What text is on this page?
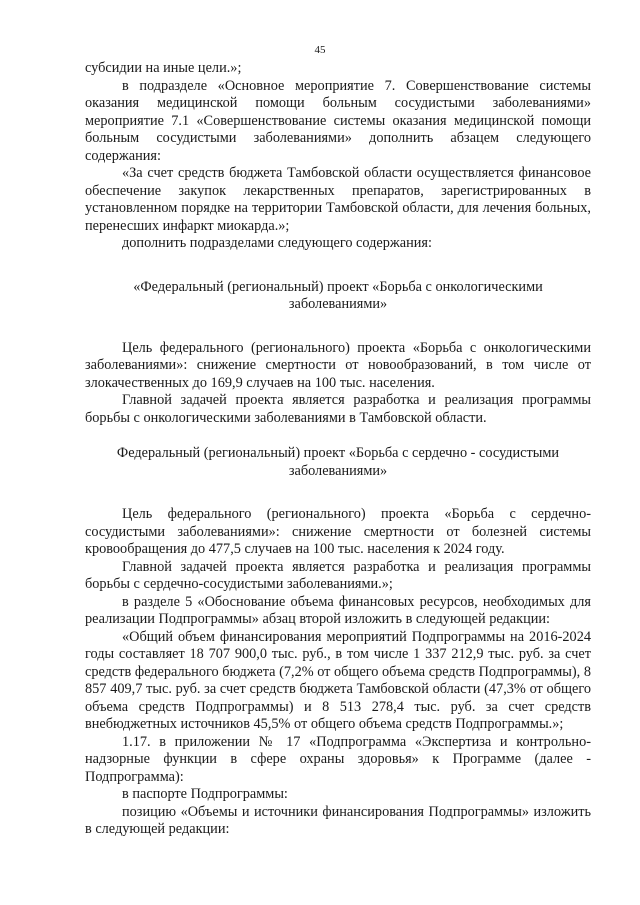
45

субсидии на иные цели.»;

в подразделе «Основное мероприятие 7. Совершенствование системы оказания медицинской помощи больным сосудистыми заболеваниями» мероприятие 7.1 «Совершенствование системы оказания медицинской помощи больным сосудистыми заболеваниями» дополнить абзацем следующего содержания:

«За счет средств бюджета Тамбовской области осуществляется финансовое обеспечение закупок лекарственных препаратов, зарегистрированных в установленном порядке на территории Тамбовской области, для лечения больных, перенесших инфаркт миокарда.»;

дополнить подразделами следующего содержания:

«Федеральный (региональный) проект «Борьба с онкологическими заболеваниями»

Цель федерального (регионального) проекта «Борьба с онкологическими заболеваниями»: снижение смертности от новообразований, в том числе от злокачественных до 169,9 случаев на 100 тыс. населения.

Главной задачей проекта является разработка и реализация программы борьбы с онкологическими заболеваниями в Тамбовской области.

Федеральный (региональный) проект «Борьба с сердечно - сосудистыми заболеваниями»

Цель федерального (регионального) проекта «Борьба с сердечно-сосудистыми заболеваниями»: снижение смертности от болезней системы кровообращения до 477,5 случаев на 100 тыс. населения к 2024 году.

Главной задачей проекта является разработка и реализация программы борьбы с сердечно-сосудистыми заболеваниями.»;

в разделе 5 «Обоснование объема финансовых ресурсов, необходимых для реализации Подпрограммы» абзац второй изложить в следующей редакции:

«Общий объем финансирования мероприятий Подпрограммы на 2016-2024 годы составляет 18 707 900,0 тыс. руб., в том числе 1 337 212,9 тыс. руб. за счет средств федерального бюджета (7,2% от общего объема средств Подпрограммы), 8 857 409,7 тыс. руб. за счет средств бюджета Тамбовской области (47,3% от общего объема средств Подпрограммы) и 8 513 278,4 тыс. руб. за счет средств внебюджетных источников 45,5% от общего объема средств Подпрограммы.»;

1.17. в приложении № 17 «Подпрограмма «Экспертиза и контрольно-надзорные функции в сфере охраны здоровья» к Программе (далее - Подпрограмма):

в паспорте Подпрограммы:

позицию «Объемы и источники финансирования Подпрограммы» изложить в следующей редакции:
